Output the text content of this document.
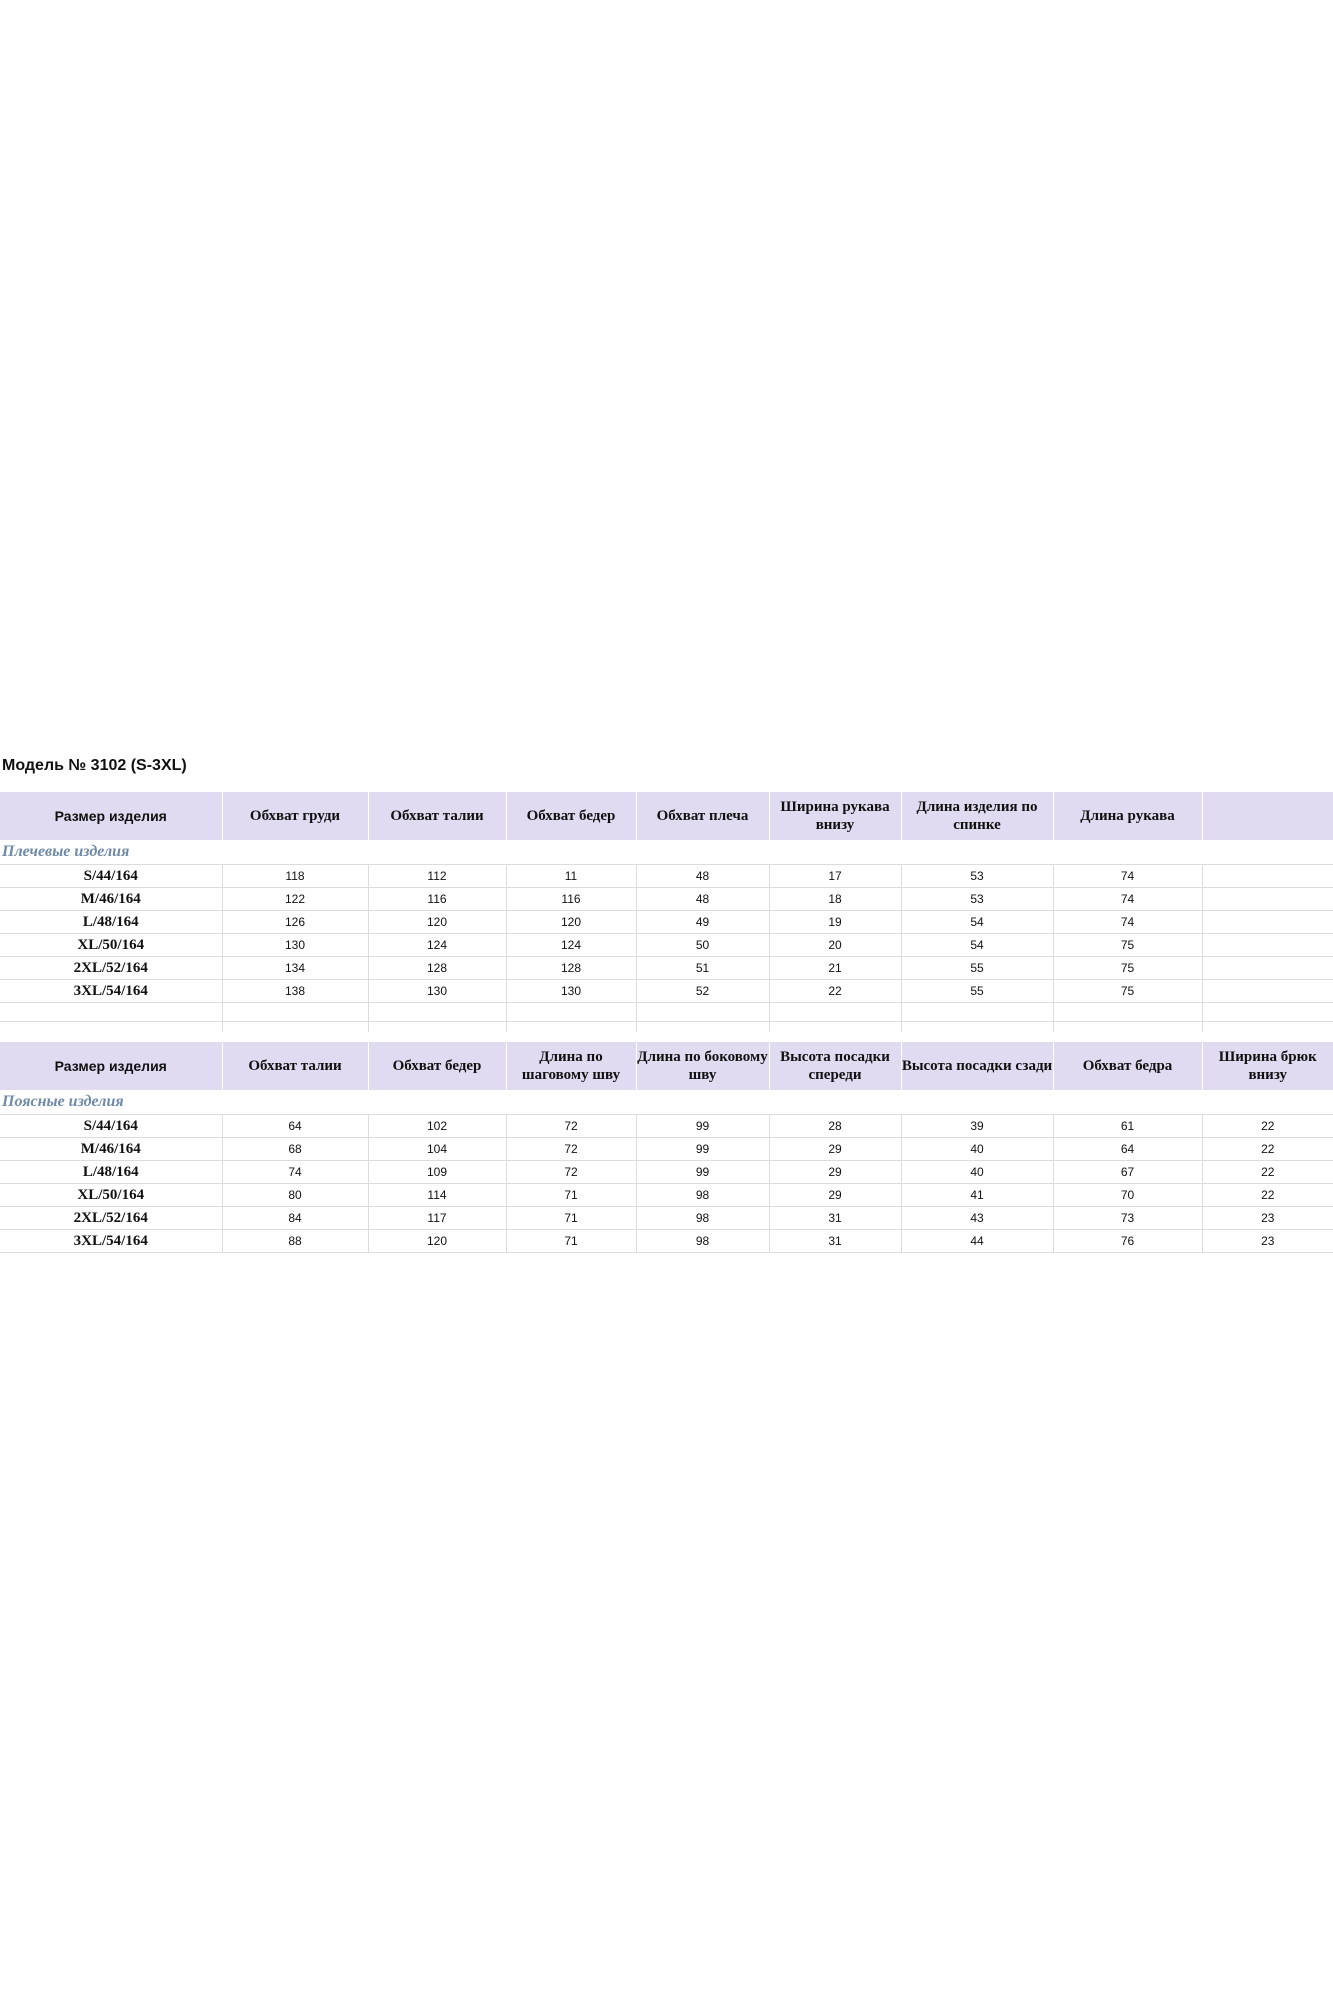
Модель № 3102 (S-3XL)
Размер изделия	Обхват груди	Обхват талии	Обхват бедер	Обхват плеча	Ширина рукава внизу	Длина изделия по спинке	Длина рукава	
Плечевые изделия								
S/44/164	118	112	11	48	17	53	74	
M/46/164	122	116	116	48	18	53	74	
L/48/164	126	120	120	49	19	54	74	
XL/50/164	130	124	124	50	20	54	75	
2XL/52/164	134	128	128	51	21	55	75	
3XL/54/164	138	130	130	52	22	55	75	

Размер изделия	Обхват талии	Обхват бедер	Длина по шаговому шву	Длина по боковому шву	Высота посадки спереди	Высота посадки сзади	Обхват бедра	Ширина брюк внизу
Поясные изделия								
S/44/164	64	102	72	99	28	39	61	22
M/46/164	68	104	72	99	29	40	64	22
L/48/164	74	109	72	99	29	40	67	22
XL/50/164	80	114	71	98	29	41	70	22
2XL/52/164	84	117	71	98	31	43	73	23
3XL/54/164	88	120	71	98	31	44	76	23
